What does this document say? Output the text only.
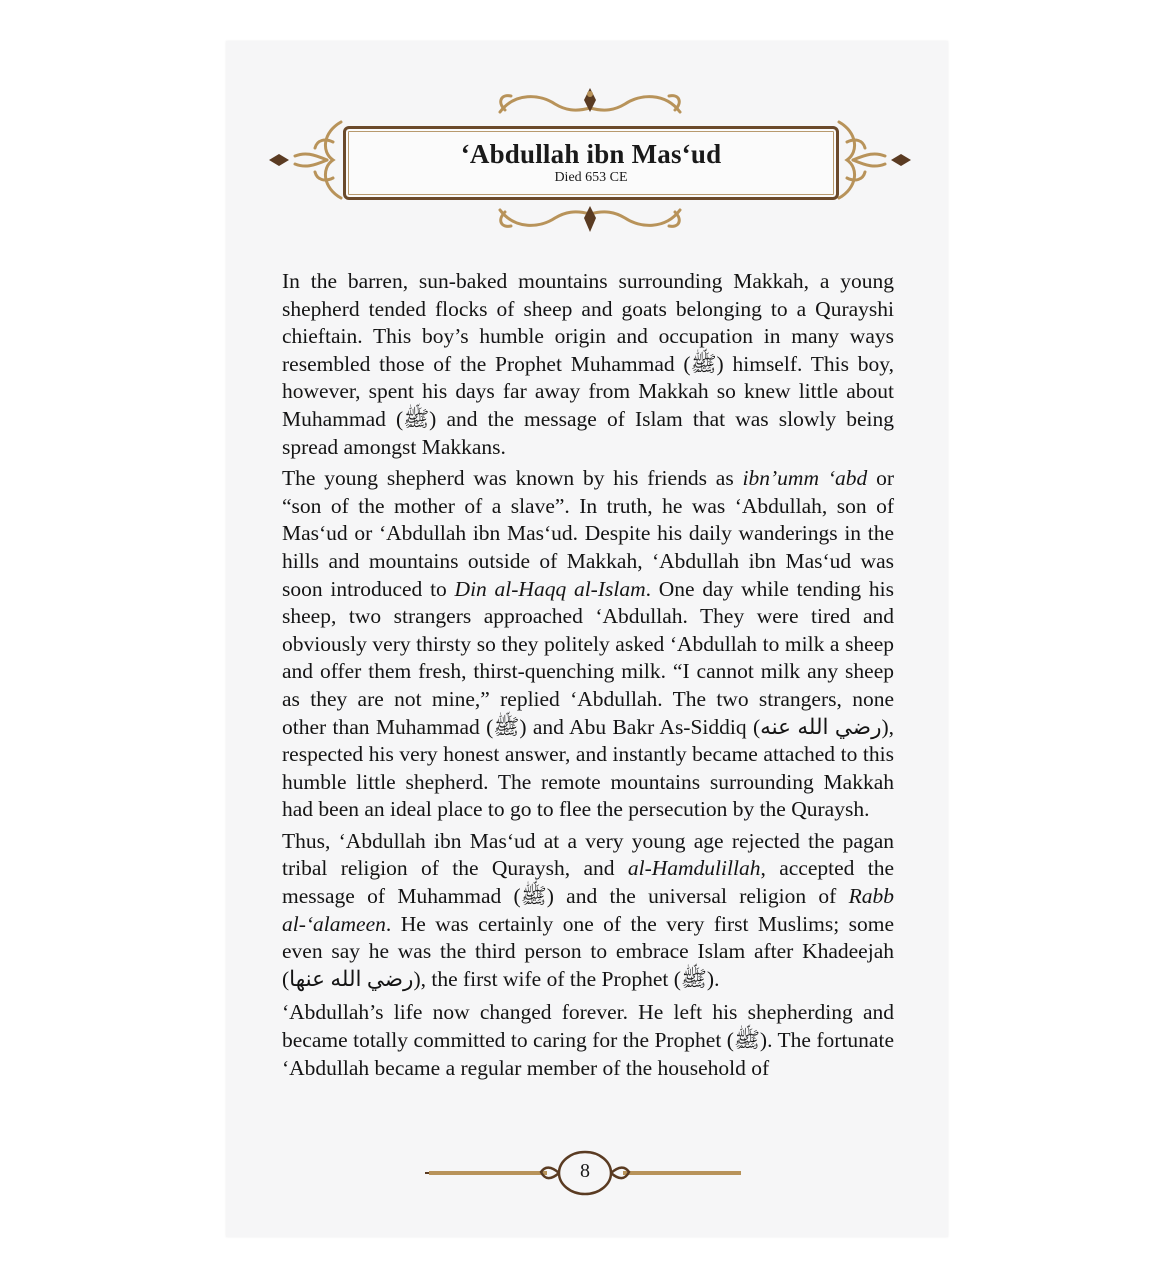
‘Abdullah ibn Mas‘ud
Died 653 CE

In the barren, sun-baked mountains surrounding Makkah, a young shepherd tended flocks of sheep and goats belonging to a Qurayshi chieftain. This boy’s humble origin and occupation in many ways resembled those of the Prophet Muhammad (ﷺ) himself. This boy, however, spent his days far away from Makkah so knew little about Muhammad (ﷺ) and the message of Islam that was slowly being spread amongst Makkans.

The young shepherd was known by his friends as ibn’umm ‘abd or “son of the mother of a slave”. In truth, he was ‘Abdullah, son of Mas‘ud or ‘Abdullah ibn Mas‘ud. Despite his daily wanderings in the hills and mountains outside of Makkah, ‘Abdullah ibn Mas‘ud was soon introduced to Din al-Haqq al-Islam. One day while tending his sheep, two strangers approached ‘Abdullah. They were tired and obviously very thirsty so they politely asked ‘Abdullah to milk a sheep and offer them fresh, thirst-quenching milk. “I cannot milk any sheep as they are not mine,” replied ‘Abdullah. The two strangers, none other than Muhammad (ﷺ) and Abu Bakr As-Siddiq (رضي الله عنه), respected his very honest answer, and instantly became attached to this humble little shepherd. The remote mountains surrounding Makkah had been an ideal place to go to flee the persecution by the Quraysh.

Thus, ‘Abdullah ibn Mas‘ud at a very young age rejected the pagan tribal religion of the Quraysh, and al-Hamdulillah, accepted the message of Muhammad (ﷺ) and the universal religion of Rabb al-‘alameen. He was certainly one of the very first Muslims; some even say he was the third person to embrace Islam after Khadeejah (رضي الله عنها), the first wife of the Prophet (ﷺ).

‘Abdullah’s life now changed forever. He left his shepherding and became totally committed to caring for the Prophet (ﷺ). The fortunate ‘Abdullah became a regular member of the household of

8
